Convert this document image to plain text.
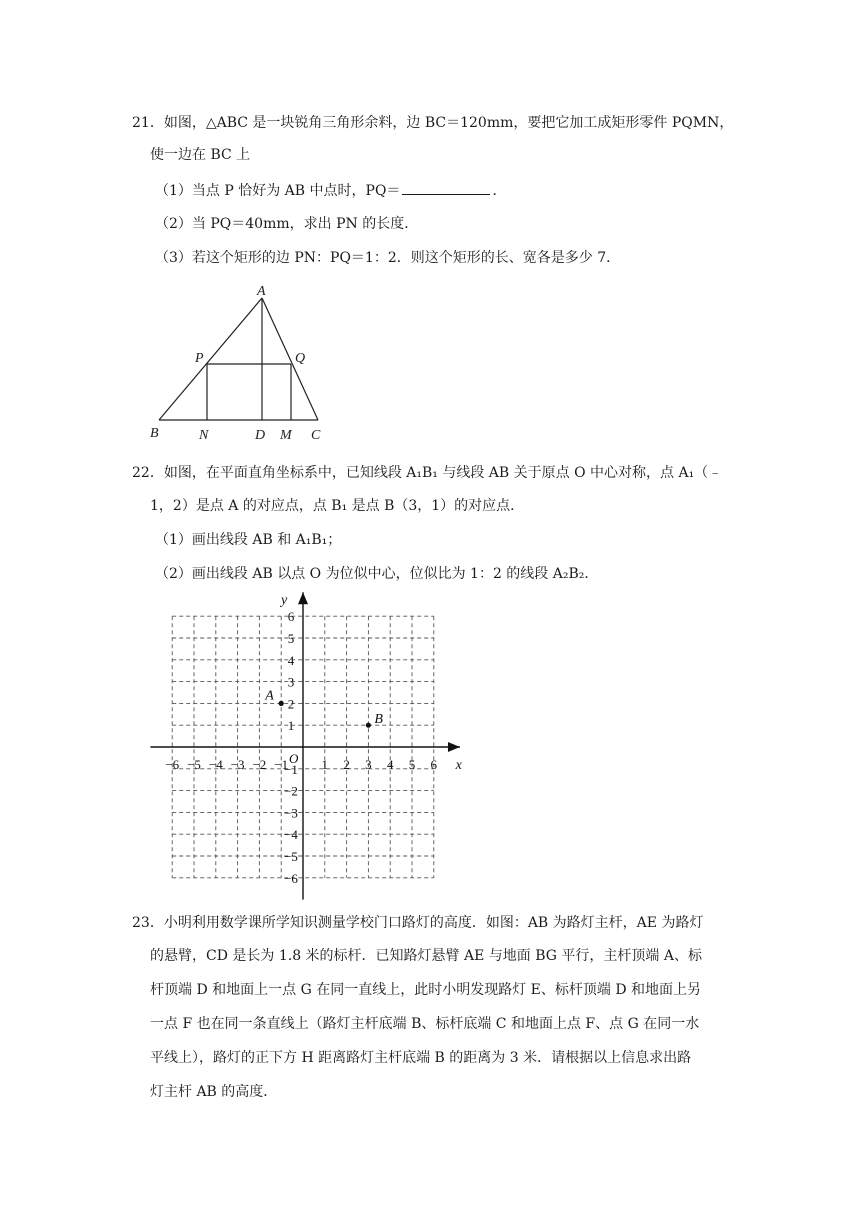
21．如图，△ABC 是一块锐角三角形余料，边 BC＝120mm，要把它加工成矩形零件 PQMN，
使一边在 BC 上
（1）当点 P 恰好为 AB 中点时，PQ＝	．
（2）当 PQ＝40mm，求出 PN 的长度．
（3）若这个矩形的边 PN：PQ＝1：2．则这个矩形的长、宽各是多少 7．
A
P	Q
B	N	D M C
22．如图，在平面直角坐标系中，已知线段 A₁B₁ 与线段 AB 关于原点 O 中心对称，点 A₁（﹣
1，2）是点 A 的对应点，点 B₁ 是点 B（3，1）的对应点．
（1）画出线段 AB 和 A₁B₁；
（2）画出线段 AB 以点 O 为位似中心，位似比为 1：2 的线段 A₂B₂．
x
y
O
−6 −5 −4 −3 −2 −1	1 2 3 4 5 6
6
5
4
3
2
1
−1
−2
−3
−4
−5
−6
A
B
23．小明利用数学课所学知识测量学校门口路灯的高度．如图：AB 为路灯主杆，AE 为路灯
的悬臂，CD 是长为 1.8 米的标杆．已知路灯悬臂 AE 与地面 BG 平行，主杆顶端 A、标
杆顶端 D 和地面上一点 G 在同一直线上，此时小明发现路灯 E、标杆顶端 D 和地面上另
一点 F 也在同一条直线上（路灯主杆底端 B、标杆底端 C 和地面上点 F、点 G 在同一水
平线上），路灯的正下方 H 距离路灯主杆底端 B 的距离为 3 米．请根据以上信息求出路
灯主杆 AB 的高度．
